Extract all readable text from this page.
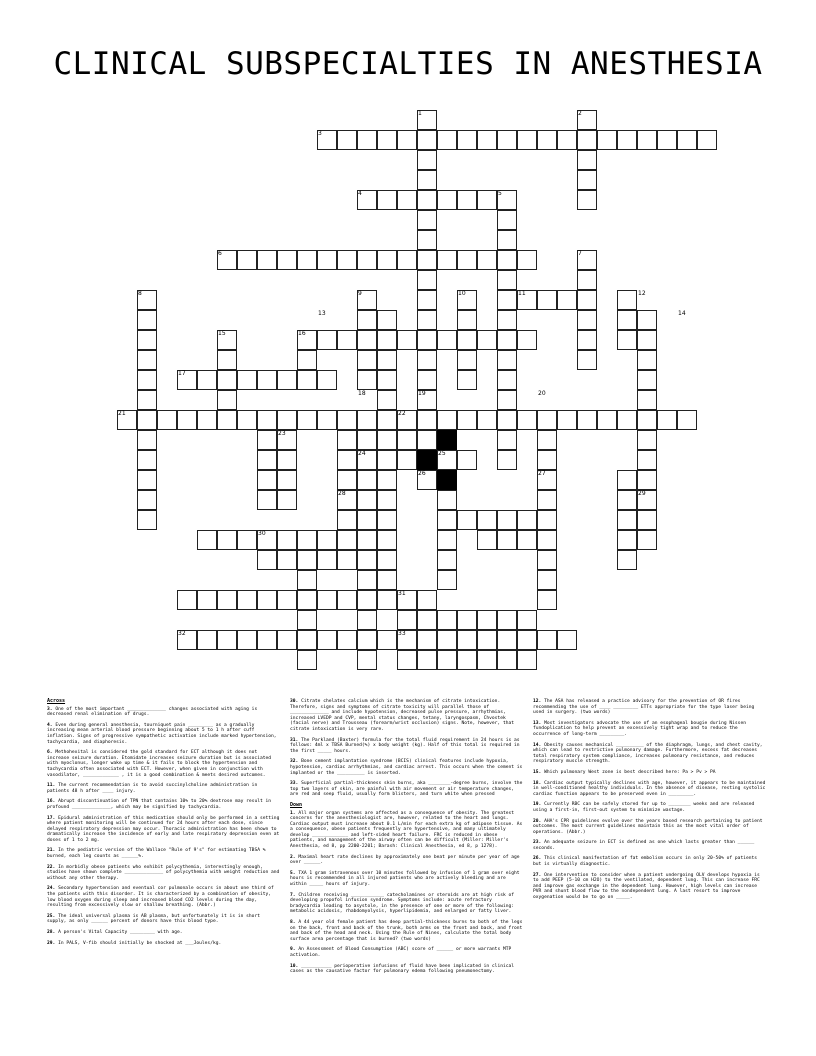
CLINICAL SUBSPECIALTIES IN ANESTHESIA
1	2
3
4	5
6	7
8	9	10	11	12
13	14
15	16
17
18	19	20
21	22
23
24	25
26	27
28	29
30
31
32	33
Across

3. One of the most important ______________ changes associated with aging is decreased renal elimination of drugs.

4. Even during general anesthesia, tourniquet pain _________ as a gradually increasing mean arterial blood pressure beginning about 5 to 1 h after cuff inflation. Signs of progressive sympathetic activation include marked hypertension, tachycardia, and diaphoresis.

6. Methohexital is considered the gold standard for ECT although it does not increase seizure duration. Etomidate increases seizure duration but is associated with myoclonus, longer wake up time & it fails to block the hypertension and tachycardia often associated with ECT. However, when given in conjunction with vasodilator, _____________ , it is a good combination & meets desired outcomes.

11. The current recommendation is to avoid succinylcholine administration in patients 48 h after ____ injury.

16. Abrupt discontinuation of TPN that contains 10% to 20% dextrose may result in profound ______________, which may be signified by tachycardia.

17. Epidural administration of this medication should only be performed in a setting where patient monitoring will be continued for 24 hours after each dose, since delayed respiratory depression may occur. Thoracic administration has been shown to dramatically increase the incidence of early and late respiratory depression even at doses of 1 to 2 mg.

21. In the pediatric version of the Wallace "Rule of 9's" for estimating TBSA % burned, each leg counts as ______%.

22. In morbidly obese patients who exhibit polycythemia, interestingly enough, studies have shown complete ______________ of polycythemia with weight reduction and without any other therapy.

24. Secondary hypertension and eventual cor pulmonale occurs in about one third of the patients with this disorder. It is characterized by a combination of obesity, low blood oxygen during sleep and increased blood CO2 levels during the day, resulting from excessively slow or shallow breathing. (Abbr.)

25. The ideal universal plasma is AB plasma, but unfortunately it is in short supply, as only ______ percent of donors have this blood type.

28. A person's Vital Capacity _________ with age.

29. In PALS, V-fib should initially be shocked at ___Joules/kg.

30. Citrate chelates calcium which is the mechanism of citrate intoxication. Therefore, signs and symptoms of citrate toxicity will parallel those of ______________ and include hypotension, decreased pulse pressure, arrhythmias, increased LVEDP and CVP, mental status changes, tetany, laryngospasm, Chvostek (facial nerve) and Trousseau (forearm/wrist occlusion) signs. Note, however, that citrate intoxication is very rare.

31. The Parkland (Baxter) formula for the total fluid requirement in 24 hours is as follows: 4ml x TBSA Burned(%) x body weight (kg). Half of this total is required in the first _____ hours.

32. Bone cement implantation syndrome (BCIS) clinical features include hypoxia, hypotension, cardiac arrhythmias, and cardiac arrest. This occurs when the cement is implanted or the __________ is inserted.

33. Superficial partial-thickness skin burns, aka ________-degree burns, involve the top two layers of skin, are painful with air movement or air temperature changes, are red and seep fluid, usually form blisters, and turn white when pressed

Down

1. All major organ systems are affected as a consequence of obesity. The greatest concerns for the anesthesiologist are, however, related to the heart and lungs. Cardiac output must increase about 0.1 L/min for each extra kg of adipose tissue. As a consequence, obese patients frequently are hypertensive, and many ultimately develop _____________ and left-sided heart failure. FRC is reduced in obese patients, and management of the airway often can be difficult (Miller: Miller's Anesthesia, ed 8, pp 2200-2201; Barash: Clinical Anesthesia, ed 8, p 1278).

2. Maximal heart rate declines by approximately one beat per minute per year of age over ______.

5. TXA 1 gram intravenous over 10 minutes followed by infusion of 1 gram over eight hours is recommended in all injured patients who are actively bleeding and are within _____ hours of injury.

7. Children receiving ____________ catecholamines or steroids are at high risk of developing propofol infusion syndrome. Symptoms include: acute refractory bradycardia leading to asystole, in the presence of one or more of the following: metabolic acidosis, rhabdomyolysis, hyperlipidemia, and enlarged or fatty liver.

8. A 44 year old female patient has deep partial-thickness burns to both of the legs on the back, front and back of the trunk, both arms on the front and back, and front and back of the head and neck. Using the Rule of Nines, calculate the total body surface area percentage that is burned? (two words)

9. An Assessment of Blood Consumption (ABC) score of ______ or more warrants MTP activation.

10. ___________ perioperative infusions of fluid have been implicated in clinical cases as the causative factor for pulmonary edema following pneumonectomy.

12. The ASA has released a practice advisory for the prevention of OR fires recommending the use of ____ _________ ETTs appropriate for the type laser being used in surgery. (two words)

13. Most investigators advocate the use of an esophageal bougie during Nissen fundoplication to help prevent an excessively tight wrap and to reduce the occurrence of long-term _________.

14. Obesity causes mechanical __________ of the diaphragm, lungs, and chest cavity, which can lead to restrictive pulmonary damage. Furthermore, excess fat decreases total respiratory system compliance, increases pulmonary resistance, and reduces respiratory muscle strength.

15. Which pulmonary West zone is best described here: Pa > Pv > PA

18. Cardiac output typically declines with age, however, it appears to be maintained in well-conditioned healthy individuals. In the absence of disease, resting systolic cardiac function appears to be preserved even in _________.

19. Currently RBC can be safely stored for up to ________ weeks and are released using a first-in, first-out system to minimize wastage.

20. AHA's CPR guidelines evolve over the years based research pertaining to patient outcomes. The most current guidelines maintain this as the most vital order of operations. (Abbr.)

23. An adequate seizure in ECT is defined as one which lasts greater than ______ seconds.

26. This clinical manifestation of fat embolism occurs in only 20-50% of patients but is virtually diagnostic.

27. One intervention to consider when a patient undergoing OLV develops hypoxia is to add PEEP (5-10 cm H2O) to the ventilated, dependent lung. This can increase FRC and improve gas exchange in the dependent lung. However, high levels can increase PVR and shunt blood flow to the nondependent lung. A last resort to improve oxygenation would be to go on _____.
